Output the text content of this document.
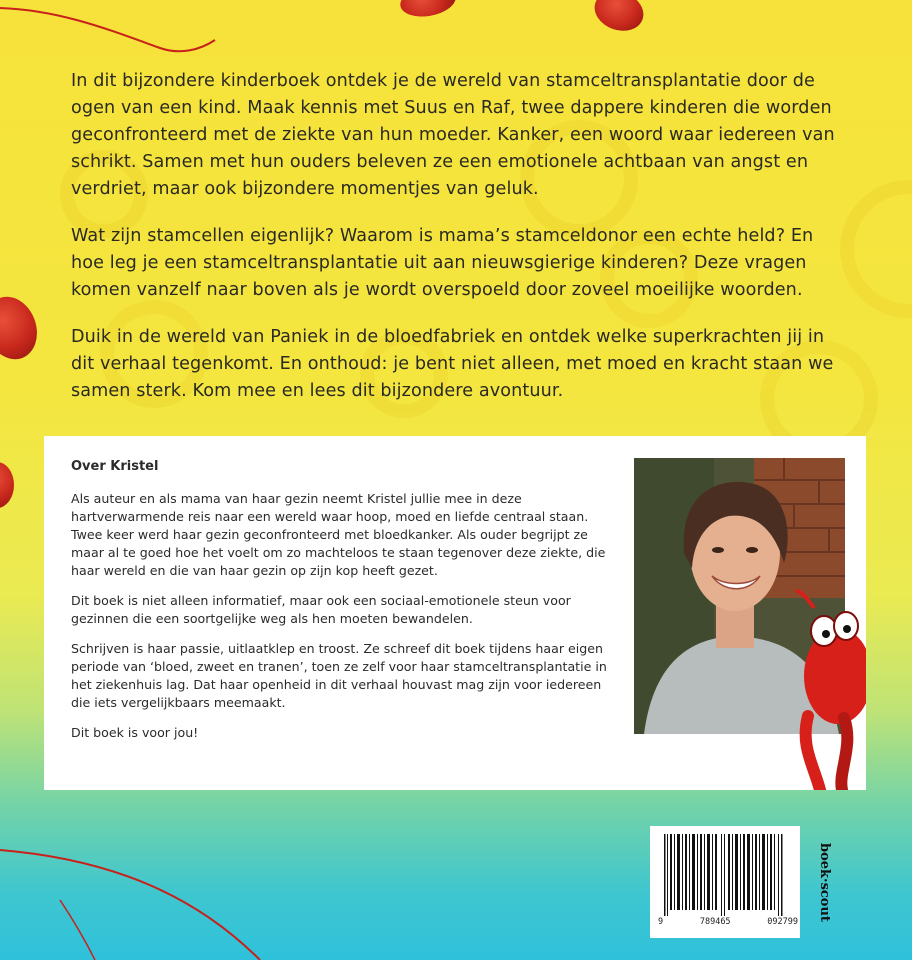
In dit bijzondere kinderboek ontdek je de wereld van stamceltransplantatie door de ogen van een kind. Maak kennis met Suus en Raf, twee dappere kinderen die worden geconfronteerd met de ziekte van hun moeder. Kanker, een woord waar iedereen van schrikt. Samen met hun ouders beleven ze een emotionele achtbaan van angst en verdriet, maar ook bijzondere momentjes van geluk.

Wat zijn stamcellen eigenlijk? Waarom is mama’s stamceldonor een echte held? En hoe leg je een stamceltransplantatie uit aan nieuwsgierige kinderen? Deze vragen komen vanzelf naar boven als je wordt overspoeld door zoveel moeilijke woorden.

Duik in de wereld van Paniek in de bloedfabriek en ontdek welke superkrachten jij in dit verhaal tegenkomt. En onthoud: je bent niet alleen, met moed en kracht staan we samen sterk. Kom mee en lees dit bijzondere avontuur.

Over Kristel

Als auteur en als mama van haar gezin neemt Kristel jullie mee in deze hartverwarmende reis naar een wereld waar hoop, moed en liefde centraal staan. Twee keer werd haar gezin geconfronteerd met bloedkanker. Als ouder begrijpt ze maar al te goed hoe het voelt om zo machteloos te staan tegenover deze ziekte, die haar wereld en die van haar gezin op zijn kop heeft gezet.

Dit boek is niet alleen informatief, maar ook een sociaal-emotionele steun voor gezinnen die een soortgelijke weg als hen moeten bewandelen.

Schrijven is haar passie, uitlaatklep en troost. Ze schreef dit boek tijdens haar eigen periode van ‘bloed, zweet en tranen’, toen ze zelf voor haar stamceltransplantatie in het ziekenhuis lag. Dat haar openheid in dit verhaal houvast mag zijn voor iedereen die iets vergelijkbaars meemaakt.

Dit boek is voor jou!

9	789465	092799
boek·scout
